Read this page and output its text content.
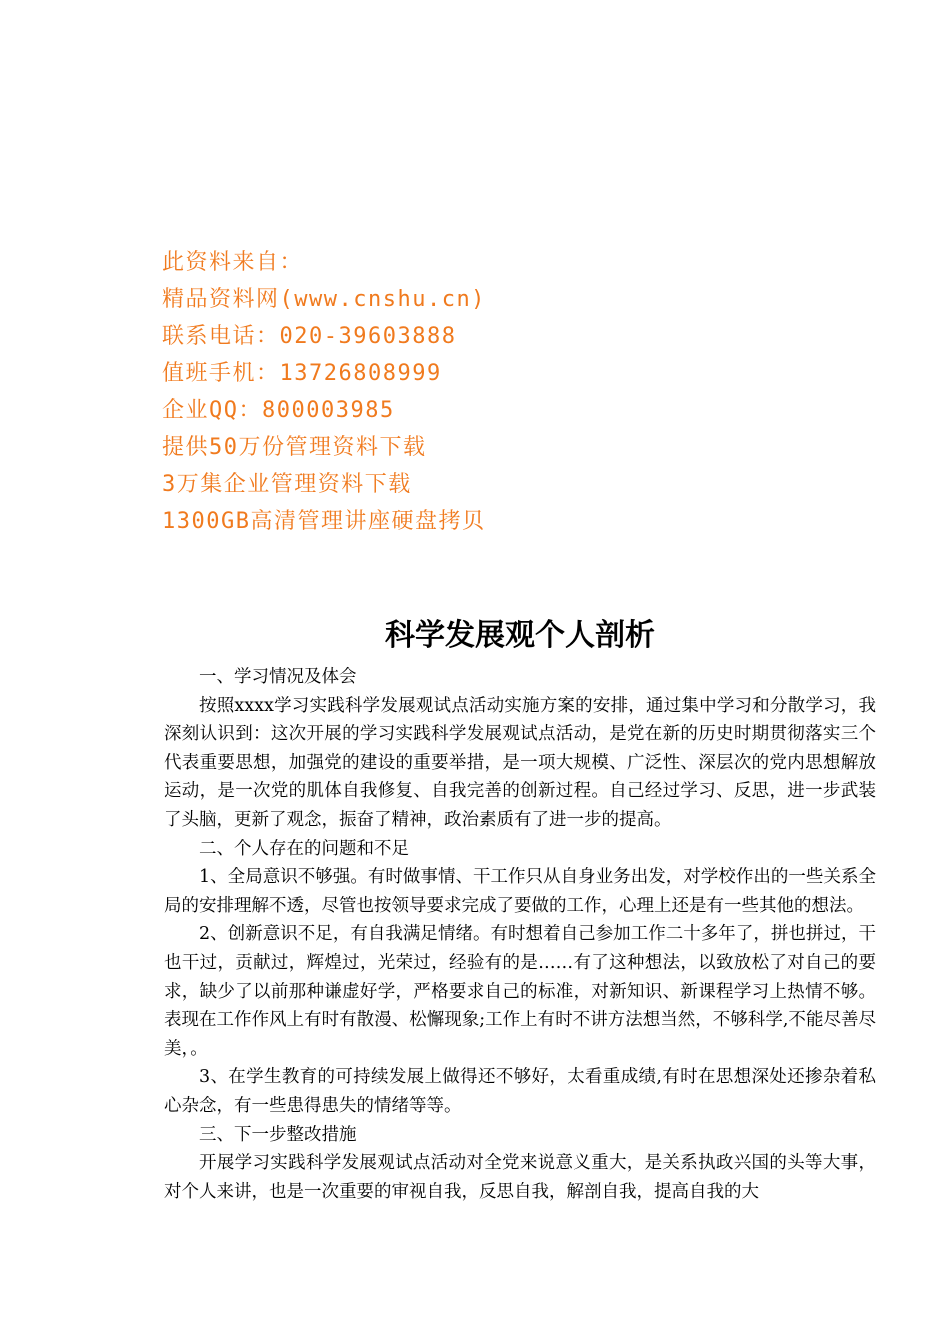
此资料来自：
精品资料网(www.cnshu.cn)
联系电话：020-39603888
值班手机：13726808999
企业QQ：800003985
提供50万份管理资料下载
3万集企业管理资料下载
1300GB高清管理讲座硬盘拷贝
科学发展观个人剖析

一、学习情况及体会

按照xxxx学习实践科学发展观试点活动实施方案的安排，通过集中学习和分散学习，我深刻认识到：这次开展的学习实践科学发展观试点活动，是党在新的历史时期贯彻落实三个代表重要思想，加强党的建设的重要举措，是一项大规模、广泛性、深层次的党内思想解放运动，是一次党的肌体自我修复、自我完善的创新过程。自己经过学习、反思，进一步武装了头脑，更新了观念，振奋了精神，政治素质有了进一步的提高。

二、个人存在的问题和不足

1、全局意识不够强。有时做事情、干工作只从自身业务出发，对学校作出的一些关系全局的安排理解不透，尽管也按领导要求完成了要做的工作，心理上还是有一些其他的想法。

2、创新意识不足，有自我满足情绪。有时想着自己参加工作二十多年了，拼也拼过，干也干过，贡献过，辉煌过，光荣过，经验有的是……有了这种想法，以致放松了对自己的要求，缺少了以前那种谦虚好学，严格要求自己的标准，对新知识、新课程学习上热情不够。表现在工作作风上有时有散漫、松懈现象;工作上有时不讲方法想当然，不够科学,不能尽善尽美，。

3、在学生教育的可持续发展上做得还不够好，太看重成绩,有时在思想深处还掺杂着私心杂念，有一些患得患失的情绪等等。

三、下一步整改措施

开展学习实践科学发展观试点活动对全党来说意义重大，是关系执政兴国的头等大事，对个人来讲，也是一次重要的审视自我，反思自我，解剖自我，提高自我的大
